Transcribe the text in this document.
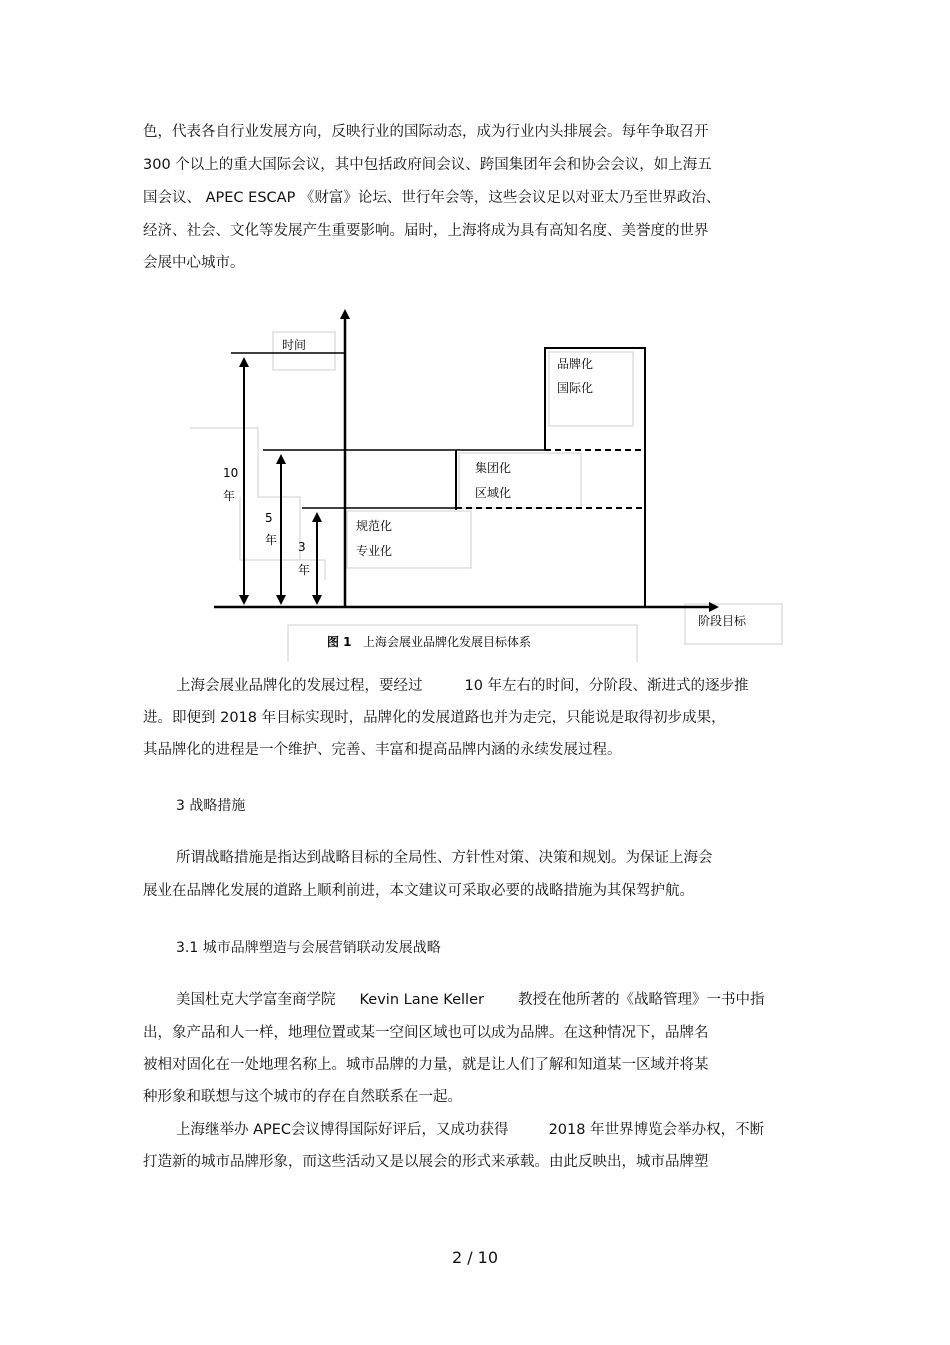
色，代表各自行业发展方向，反映行业的国际动态，成为行业内头排展会。每年争取召开

300 个以上的重大国际会议，其中包括政府间会议、跨国集团年会和协会会议，如上海五

国会议、 APEC ESCAP 《财富》论坛、世行年会等，这些会议足以对亚太乃至世界政治、

经济、社会、文化等发展产生重要影响。届时，上海将成为具有高知名度、美誉度的世界

会展中心城市。

时间
10
年
5
年 3
年
规范化
专业化
集团化
区域化
品牌化
国际化
阶段目标
图 1 上海会展业品牌化发展目标体系

上海会展业品牌化的发展过程，要经过	10 年左右的时间，分阶段、渐进式的逐步推

进。即便到 2018 年目标实现时，品牌化的发展道路也并为走完，只能说是取得初步成果，

其品牌化的进程是一个维护、完善、丰富和提高品牌内涵的永续发展过程。

3 战略措施

所谓战略措施是指达到战略目标的全局性、方针性对策、决策和规划。为保证上海会

展业在品牌化发展的道路上顺利前进，本文建议可采取必要的战略措施为其保驾护航。

3.1 城市品牌塑造与会展营销联动发展战略

美国杜克大学富奎商学院 Kevin Lane Keller 教授在他所著的《战略管理》一书中指

出，象产品和人一样，地理位置或某一空间区域也可以成为品牌。在这种情况下，品牌名

被相对固化在一处地理名称上。城市品牌的力量，就是让人们了解和知道某一区域并将某

种形象和联想与这个城市的存在自然联系在一起。

上海继举办 APEC会议博得国际好评后，又成功获得	2018 年世界博览会举办权，不断

打造新的城市品牌形象，而这些活动又是以展会的形式来承载。由此反映出，城市品牌塑

2 / 10
